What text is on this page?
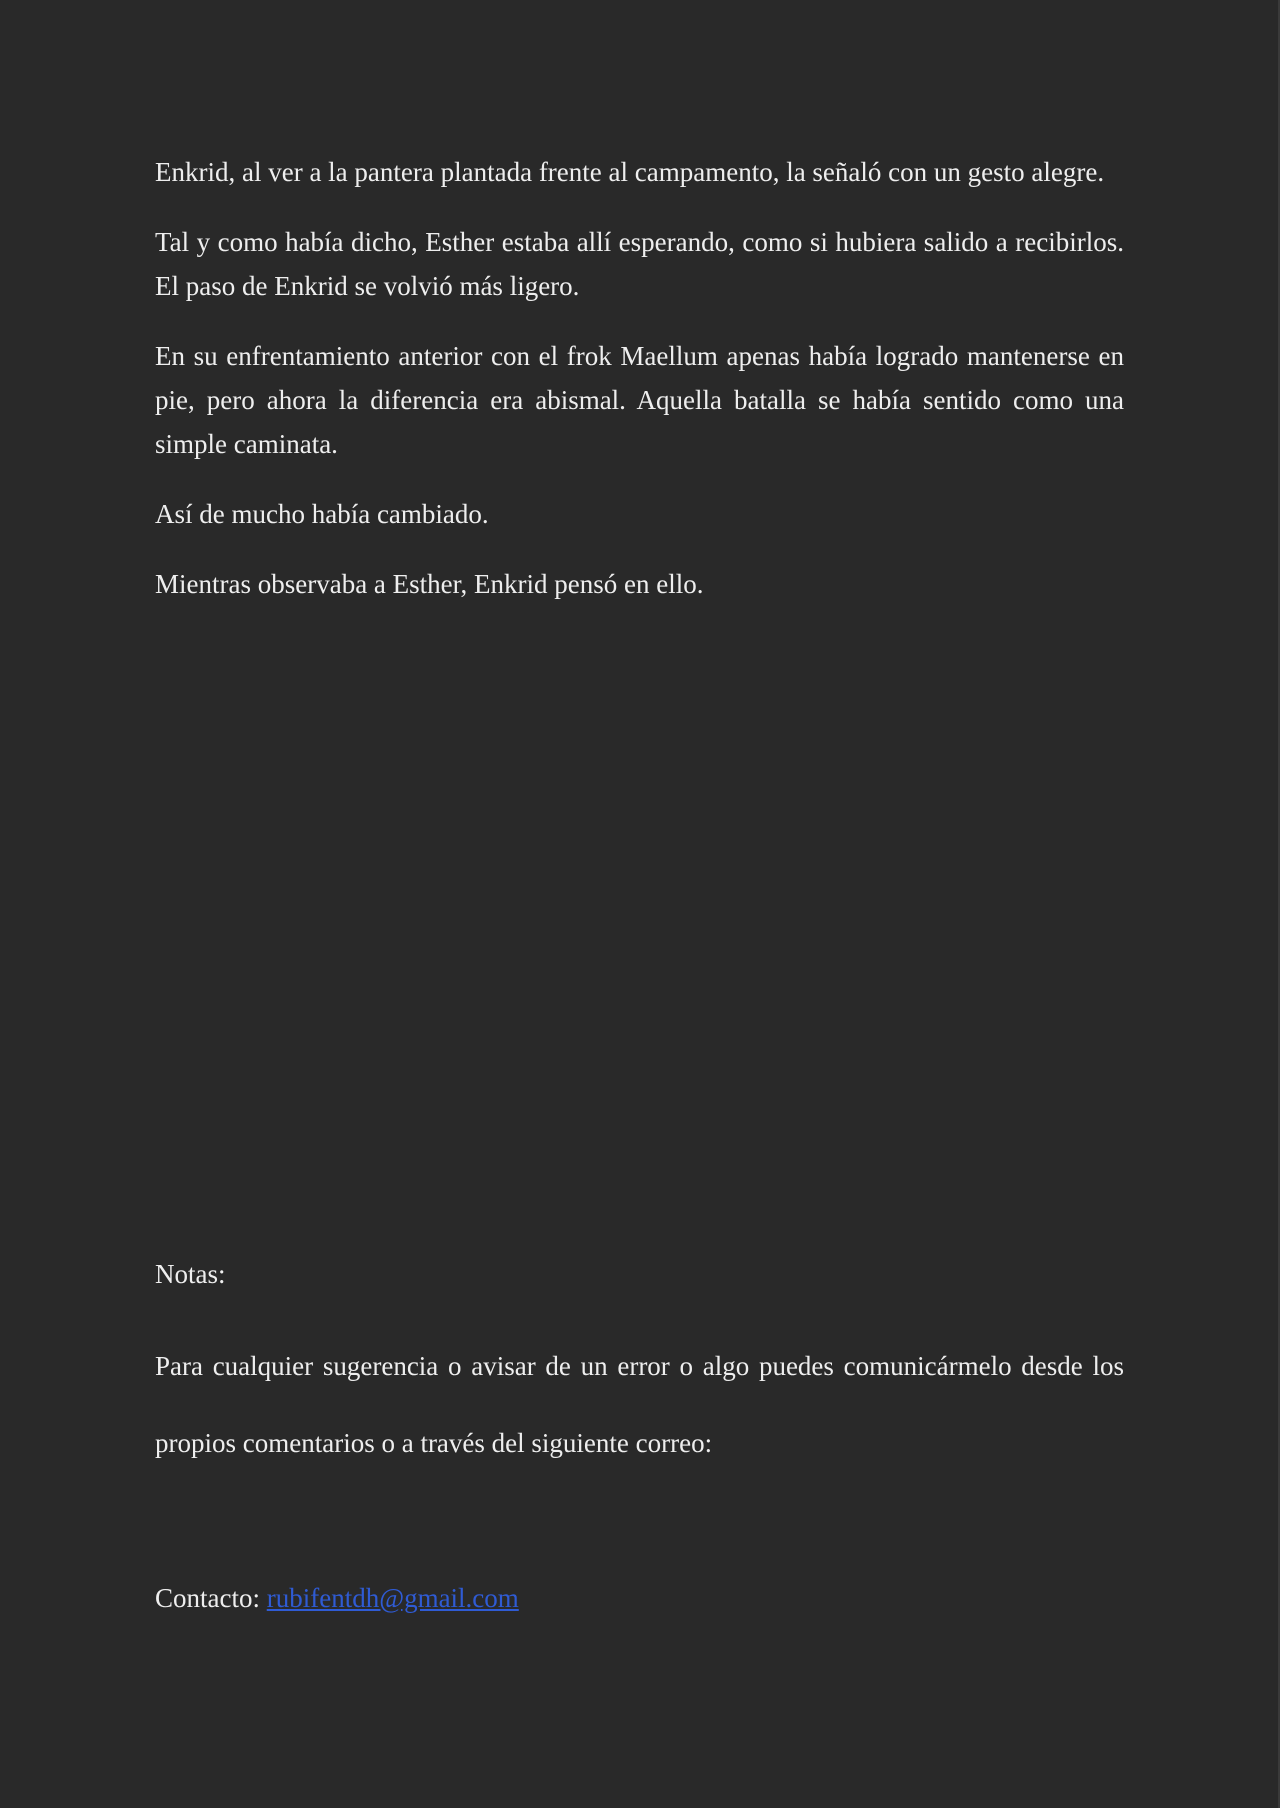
Enkrid, al ver a la pantera plantada frente al campamento, la señaló con un gesto alegre.

Tal y como había dicho, Esther estaba allí esperando, como si hubiera salido a recibirlos. El paso de Enkrid se volvió más ligero.

En su enfrentamiento anterior con el frok Maellum apenas había logrado mantenerse en pie, pero ahora la diferencia era abismal. Aquella batalla se había sentido como una simple caminata.

Así de mucho había cambiado.

Mientras observaba a Esther, Enkrid pensó en ello.

Notas:

Para cualquier sugerencia o avisar de un error o algo puedes comunicármelo desde los propios comentarios o a través del siguiente correo:

Contacto: rubifentdh@gmail.com
